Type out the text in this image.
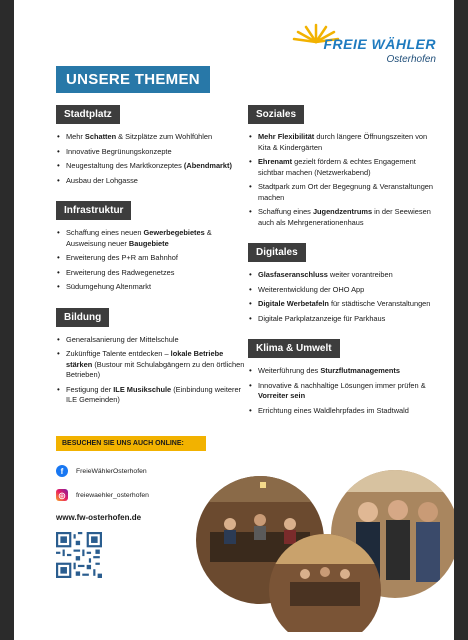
FREIE WÄHLER
Osterhofen
UNSERE THEMEN
Stadtplatz
• Mehr Schatten & Sitzplätze zum Wohlfühlen
• Innovative Begrünungskonzepte
• Neugestaltung des Marktkonzeptes (Abendmarkt)
• Ausbau der Lohgasse
Infrastruktur
• Schaffung eines neuen Gewerbegebietes & Ausweisung neuer Baugebiete
• Erweiterung des P+R am Bahnhof
• Erweiterung des Radwegenetzes
• Südumgehung Altenmarkt
Bildung
• Generalsanierung der Mittelschule
• Zukünftige Talente entdecken – lokale Betriebe stärken (Bustour mit Schulabgängern zu den örtlichen Betrieben)
• Festigung der ILE Musikschule (Einbindung weiterer ILE Gemeinden)
Soziales
• Mehr Flexibilität durch längere Öffnungszeiten von Kita & Kindergärten
• Ehrenamt gezielt fördern & echtes Engagement sichtbar machen (Netzwerkabend)
• Stadtpark zum Ort der Begegnung & Veranstaltungen machen
• Schaffung eines Jugendzentrums in der Seewiesen auch als Mehrgenerationenhaus
Digitales
• Glasfaseranschluss weiter vorantreiben
• Weiterentwicklung der OHO App
• Digitale Werbetafeln für städtische Veranstaltungen
• Digitale Parkplatzanzeige für Parkhaus
Klima & Umwelt
• Weiterführung des Sturzflutmanagements
• Innovative & nachhaltige Lösungen immer prüfen & Vorreiter sein
• Errichtung eines Waldlehrpfades im Stadtwald
BESUCHEN SIE UNS AUCH ONLINE:
f	FreieWählerOsterhofen
◎	freiewaehler_osterhofen
www.fw-osterhofen.de
